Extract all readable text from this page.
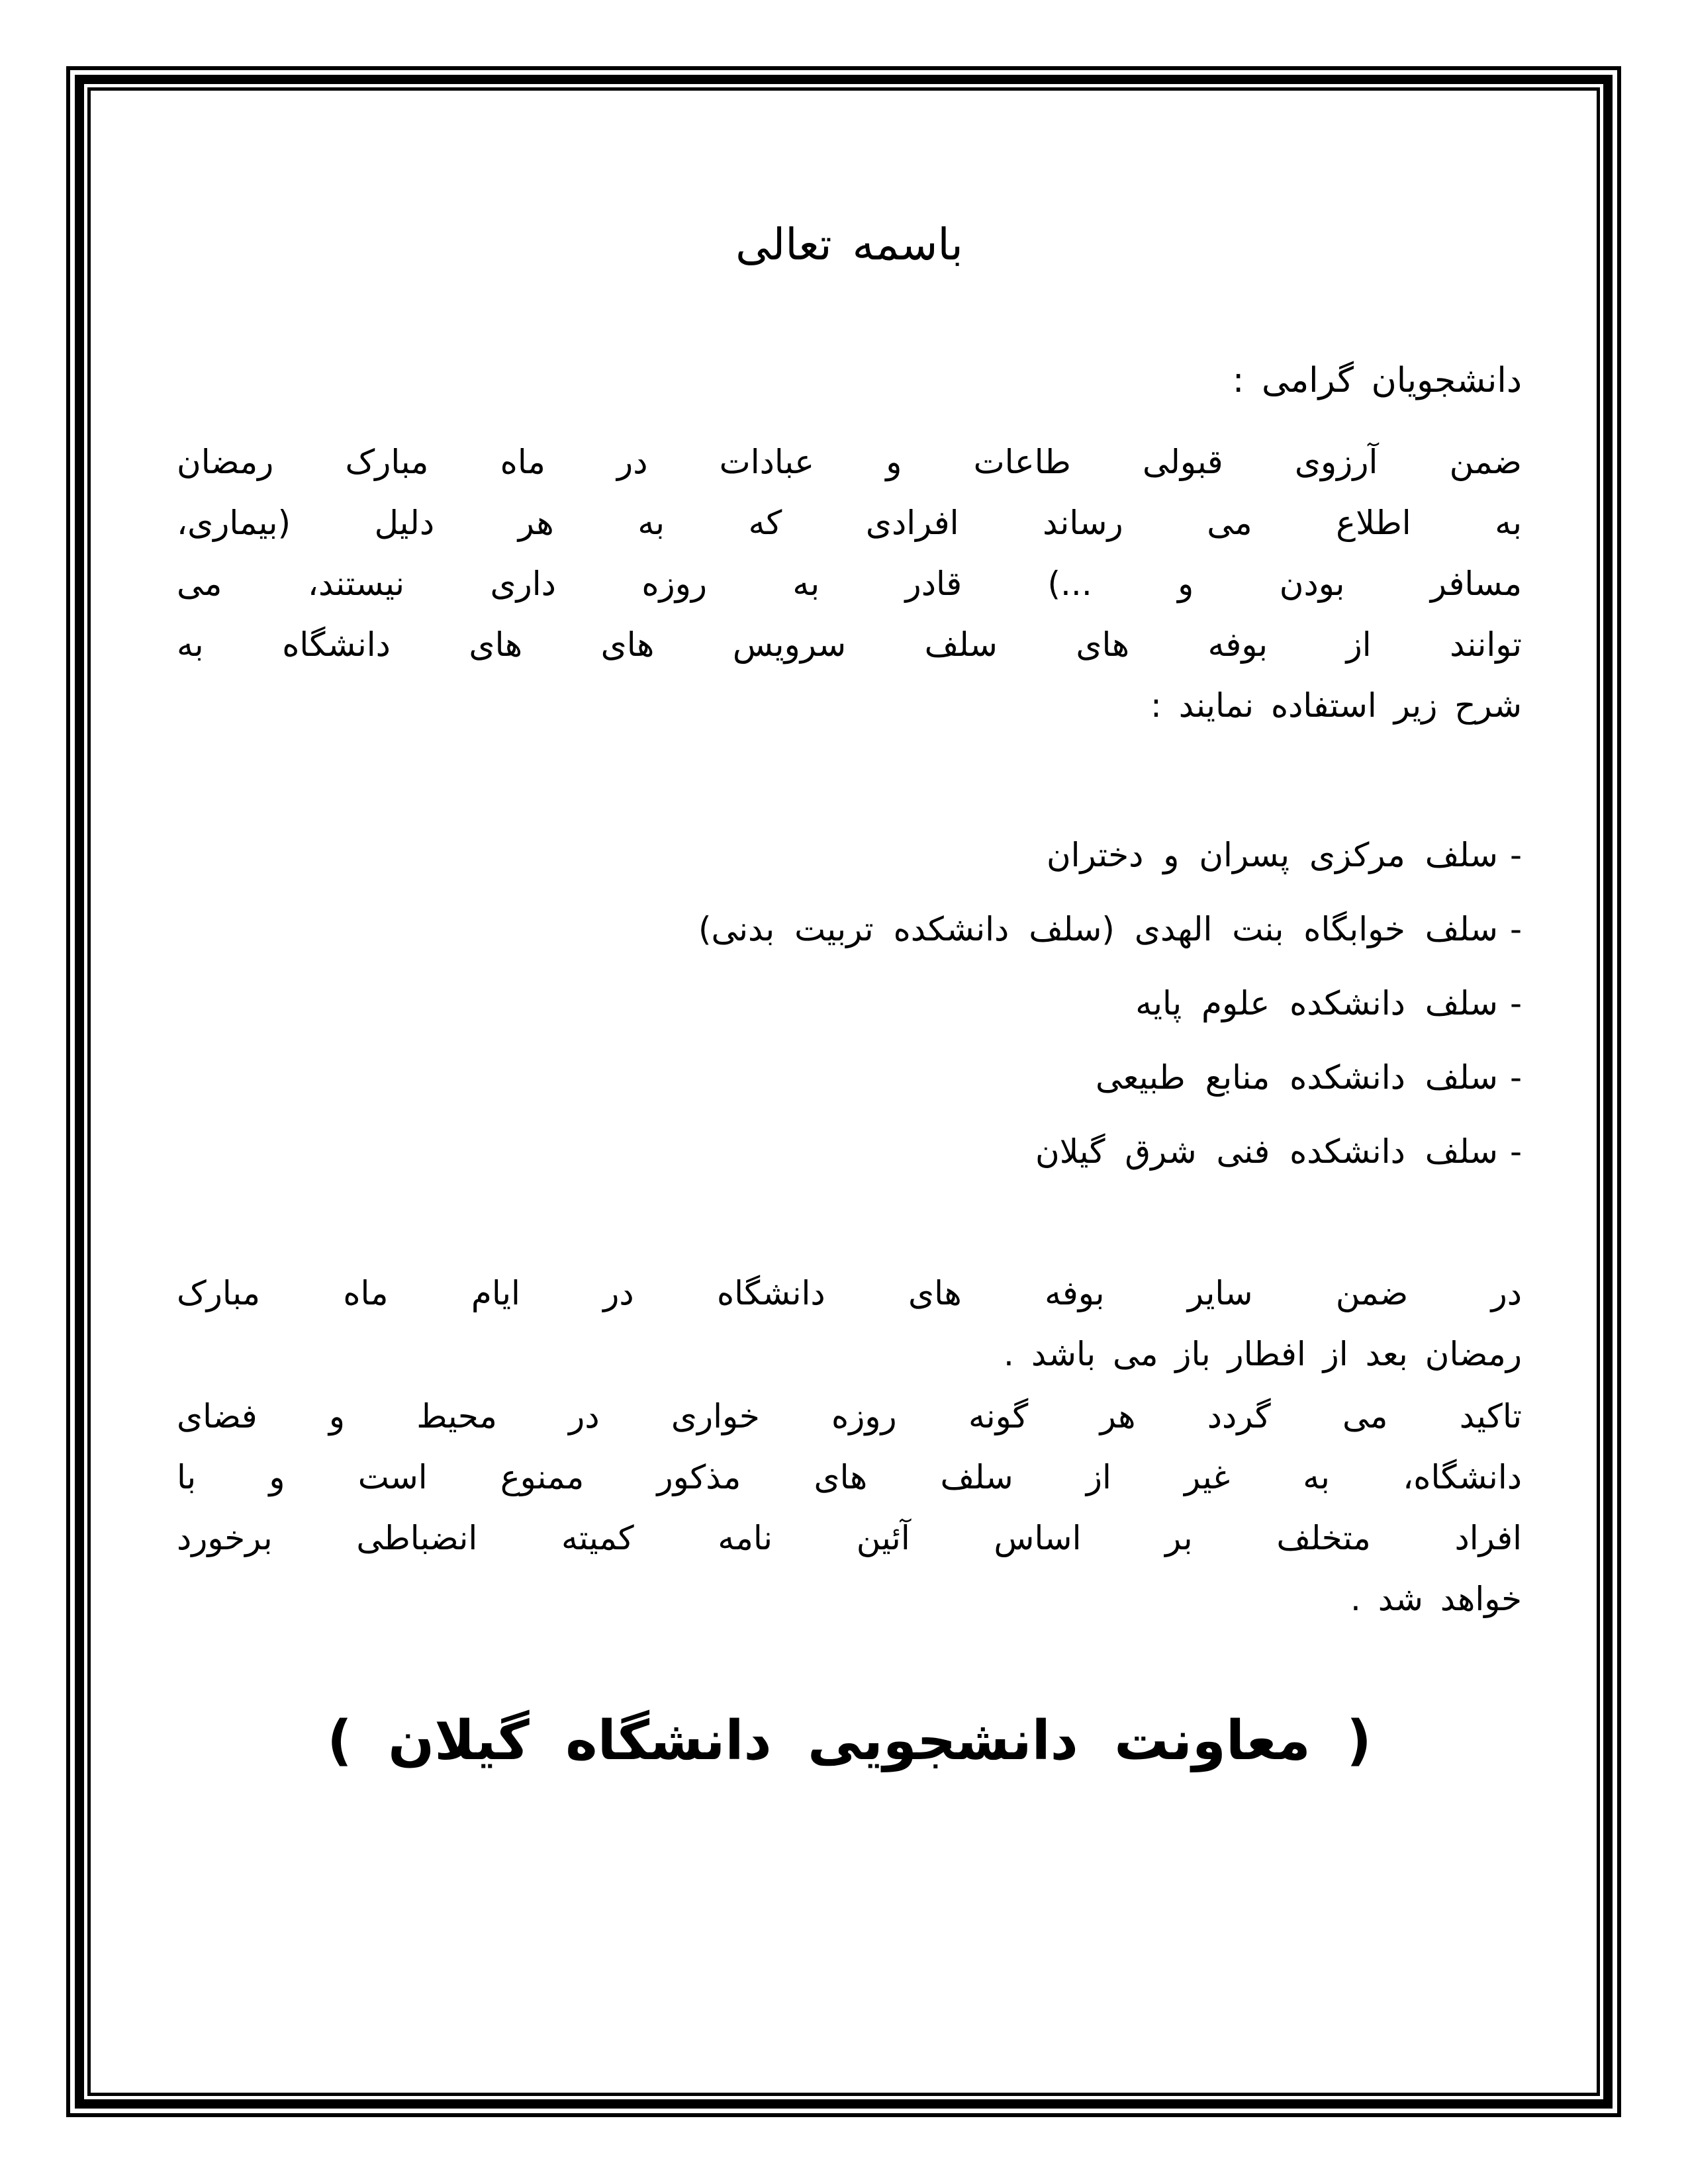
باسمه تعالی
دانشجویان گرامی :
ضمن آرزوی قبولی طاعات و عبادات در ماه مبارک رمضان
به اطلاع می رساند افرادی که به هر دلیل (بیماری،
مسافر بودن و ...) قادر به روزه داری نیستند، می
توانند از بوفه های سلف سرویس های های دانشگاه به
شرح زیر استفاده نمایند :
-سلف مرکزی پسران و دختران
-سلف خوابگاه بنت الهدی (سلف دانشکده تربیت بدنی)
-سلف دانشکده علوم پایه
-سلف دانشکده منابع طبیعی
-سلف دانشکده فنی شرق گیلان
در ضمن سایر بوفه های دانشگاه در ایام ماه مبارک
رمضان بعد از افطار باز می باشد .
تاکید می گردد هر گونه روزه خواری در محیط و فضای
دانشگاه، به غیر از سلف های مذکور ممنوع است و با
افراد متخلف بر اساس آئین نامه کمیته انضباطی برخورد
خواهد شد .
( معاونت دانشجویی دانشگاه گیلان )
